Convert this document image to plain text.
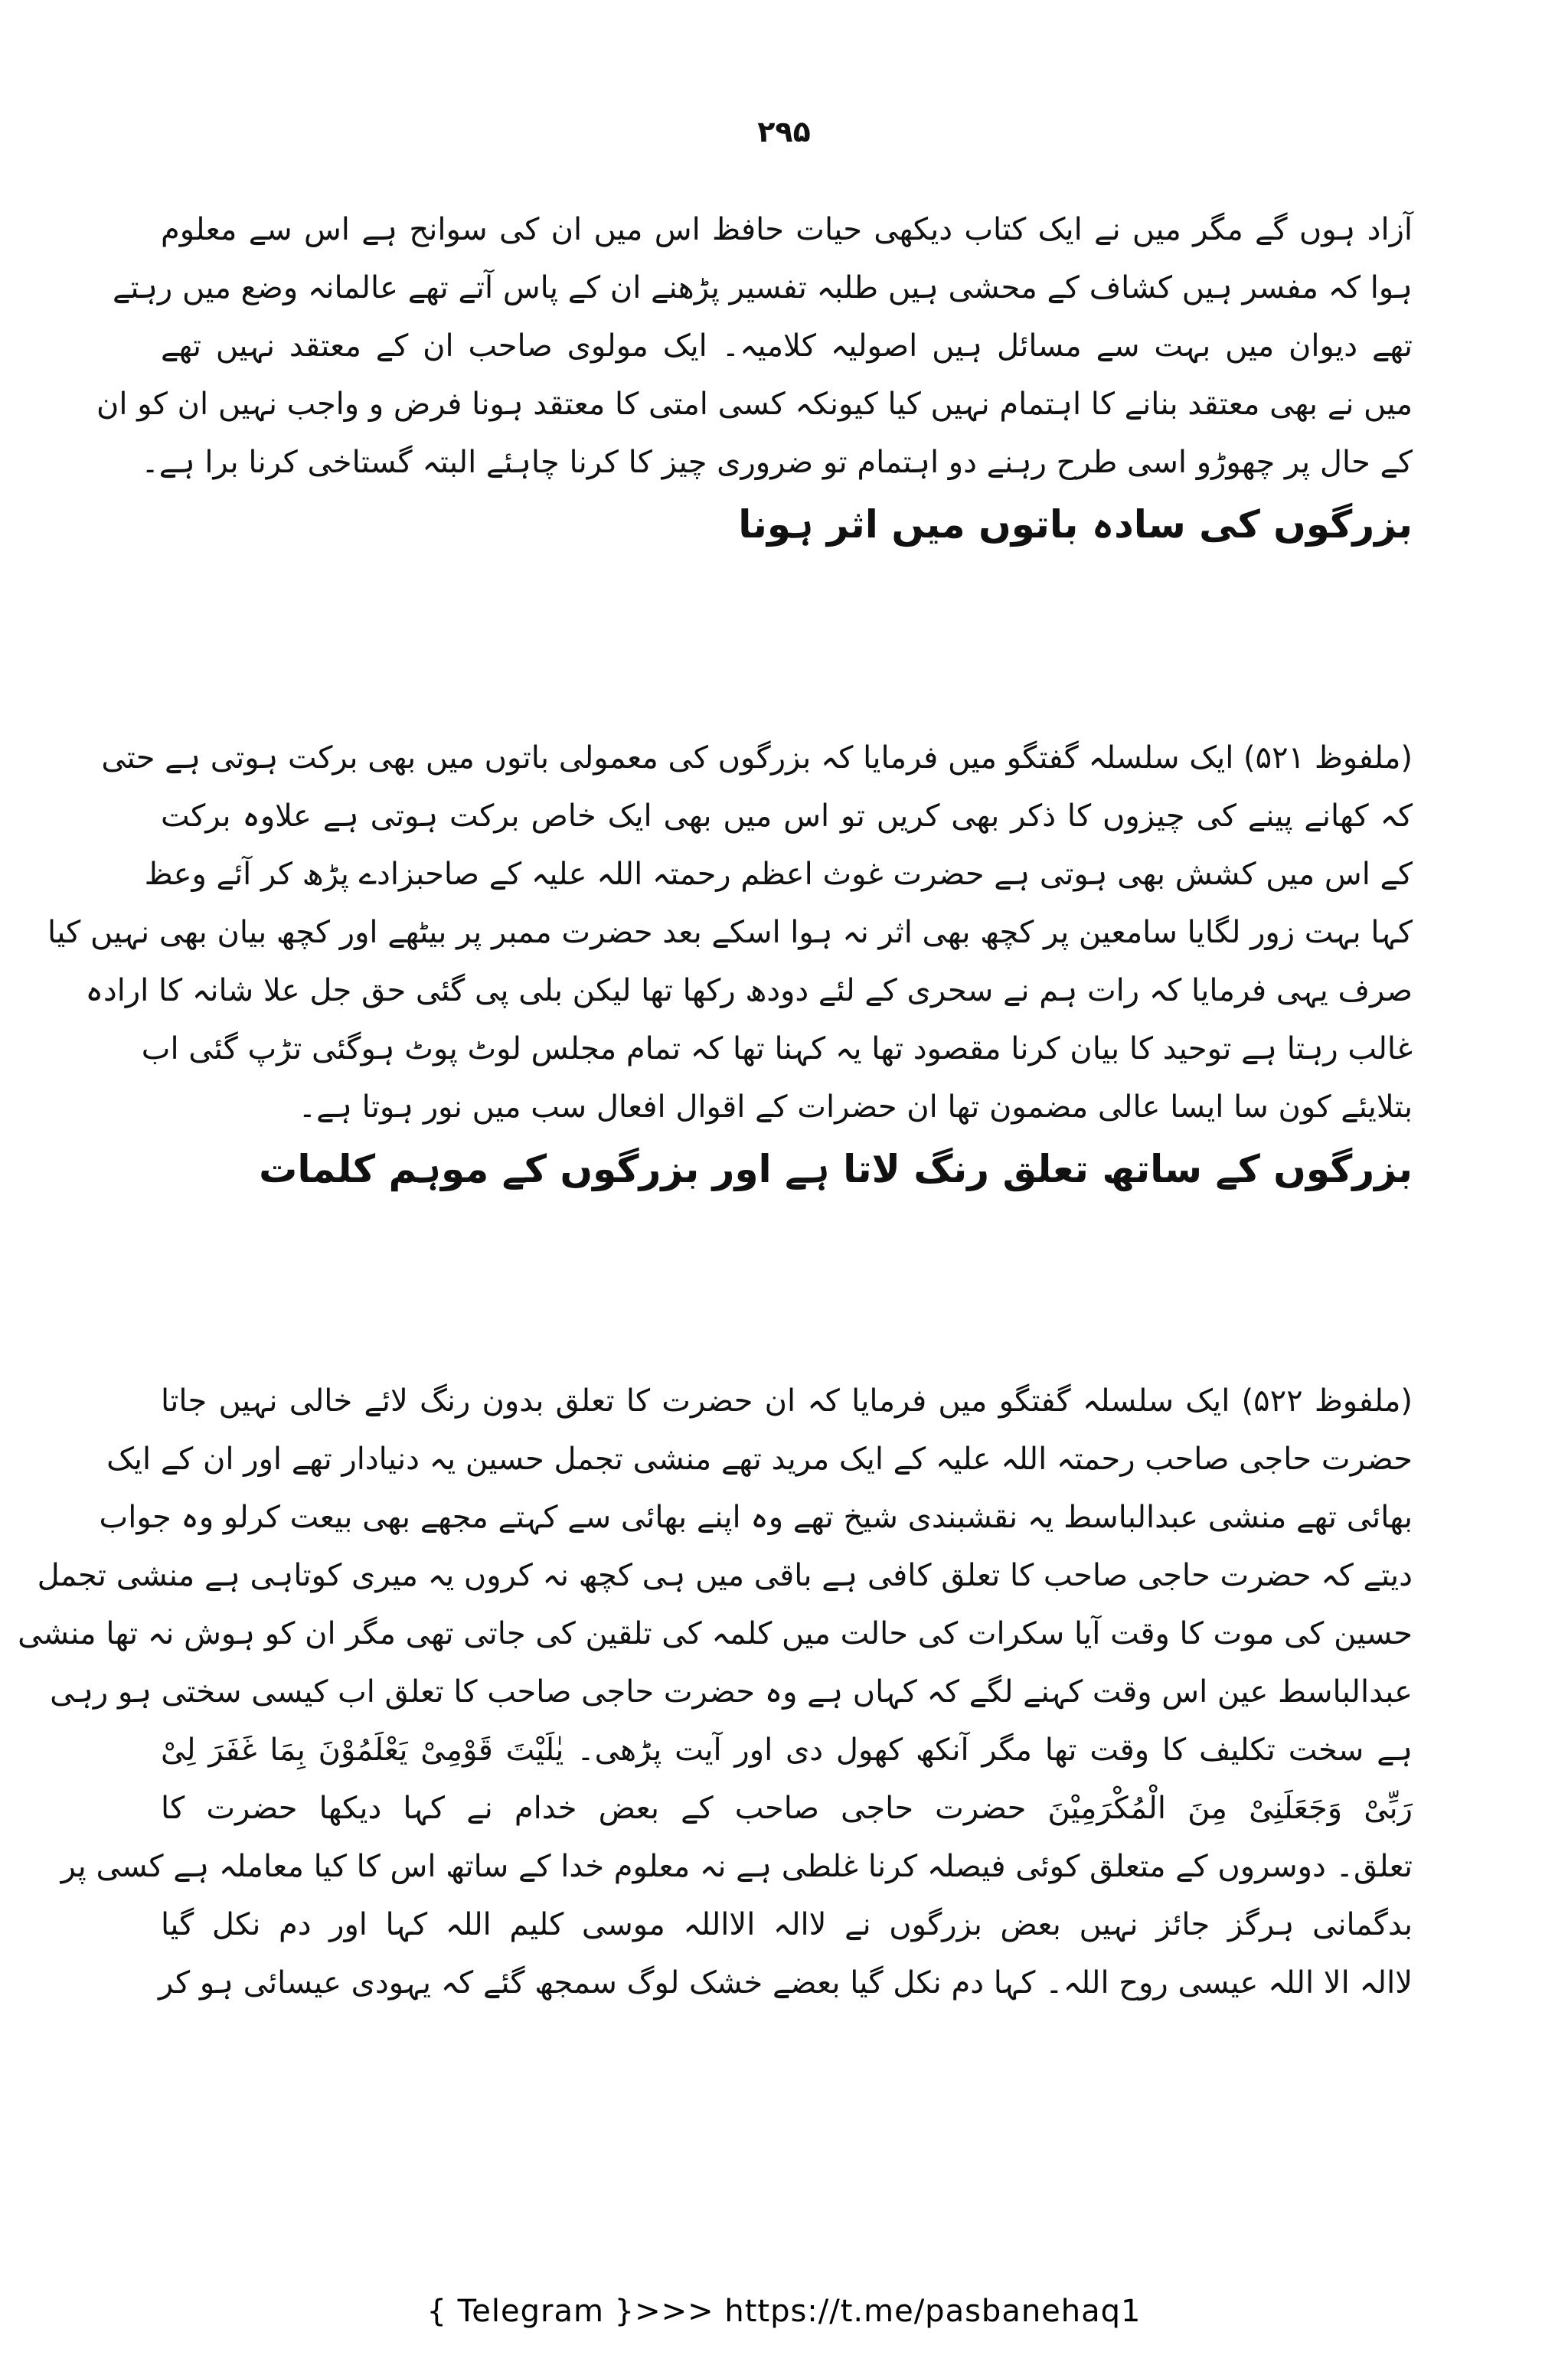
۲۹۵
آزاد ہوں گے مگر میں نے ایک کتاب دیکھی حیات حافظ اس میں ان کی سوانح ہے اس سے معلوم
ہوا کہ مفسر ہیں کشاف کے محشی ہیں طلبہ تفسیر پڑھنے ان کے پاس آتے تھے عالمانہ وضع میں رہتے
تھے دیوان میں بہت سے مسائل ہیں اصولیہ کلامیہ۔ ایک مولوی صاحب ان کے معتقد نہیں تھے
میں نے بھی معتقد بنانے کا اہتمام نہیں کیا کیونکہ کسی امتی کا معتقد ہونا فرض و واجب نہیں ان کو ان
کے حال پر چھوڑو اسی طرح رہنے دو اہتمام تو ضروری چیز کا کرنا چاہئے البتہ گستاخی کرنا برا ہے۔
بزرگوں کی سادہ باتوں میں اثر ہونا
(ملفوظ ۵۲۱) ایک سلسلہ گفتگو میں فرمایا کہ بزرگوں کی معمولی باتوں میں بھی برکت ہوتی ہے حتی
کہ کھانے پینے کی چیزوں کا ذکر بھی کریں تو اس میں بھی ایک خاص برکت ہوتی ہے علاوہ برکت
کے اس میں کشش بھی ہوتی ہے حضرت غوث اعظم رحمتہ اللہ علیہ کے صاحبزادے پڑھ کر آئے وعظ
کہا بہت زور لگایا سامعین پر کچھ بھی اثر نہ ہوا اسکے بعد حضرت ممبر پر بیٹھے اور کچھ بیان بھی نہیں کیا
صرف یہی فرمایا کہ رات ہم نے سحری کے لئے دودھ رکھا تھا لیکن بلی پی گئی حق جل علا شانہ کا ارادہ
غالب رہتا ہے توحید کا بیان کرنا مقصود تھا یہ کہنا تھا کہ تمام مجلس لوٹ پوٹ ہوگئی تڑپ گئی اب
بتلایئے کون سا ایسا عالی مضمون تھا ان حضرات کے اقوال افعال سب میں نور ہوتا ہے۔
بزرگوں کے ساتھ تعلق رنگ لاتا ہے اور بزرگوں کے موہم کلمات
(ملفوظ ۵۲۲) ایک سلسلہ گفتگو میں فرمایا کہ ان حضرت کا تعلق بدون رنگ لائے خالی نہیں جاتا
حضرت حاجی صاحب رحمتہ اللہ علیہ کے ایک مرید تھے منشی تجمل حسین یہ دنیادار تھے اور ان کے ایک
بھائی تھے منشی عبدالباسط یہ نقشبندی شیخ تھے وہ اپنے بھائی سے کہتے مجھے بھی بیعت کرلو وہ جواب
دیتے کہ حضرت حاجی صاحب کا تعلق کافی ہے باقی میں ہی کچھ نہ کروں یہ میری کوتاہی ہے منشی تجمل
حسین کی موت کا وقت آیا سکرات کی حالت میں کلمہ کی تلقین کی جاتی تھی مگر ان کو ہوش نہ تھا منشی
عبدالباسط عین اس وقت کہنے لگے کہ کہاں ہے وہ حضرت حاجی صاحب کا تعلق اب کیسی سختی ہو رہی
ہے سخت تکلیف کا وقت تھا مگر آنکھ کھول دی اور آیت پڑھی۔ یٰلَیْتَ قَوْمِیْ یَعْلَمُوْنَ بِمَا غَفَرَ لِیْ
رَبِّیْ وَجَعَلَنِیْ مِنَ الْمُکْرَمِیْنَ حضرت حاجی صاحب کے بعض خدام نے کہا دیکھا حضرت کا
تعلق۔ دوسروں کے متعلق کوئی فیصلہ کرنا غلطی ہے نہ معلوم خدا کے ساتھ اس کا کیا معاملہ ہے کسی پر
بدگمانی ہرگز جائز نہیں بعض بزرگوں نے لاالہ الااللہ موسی کلیم اللہ کہا اور دم نکل گیا
لاالہ الا اللہ عیسی روح اللہ۔ کہا دم نکل گیا بعضے خشک لوگ سمجھ گئے کہ یہودی عیسائی ہو کر
{ Telegram }>>> https://t.me/pasbanehaq1
